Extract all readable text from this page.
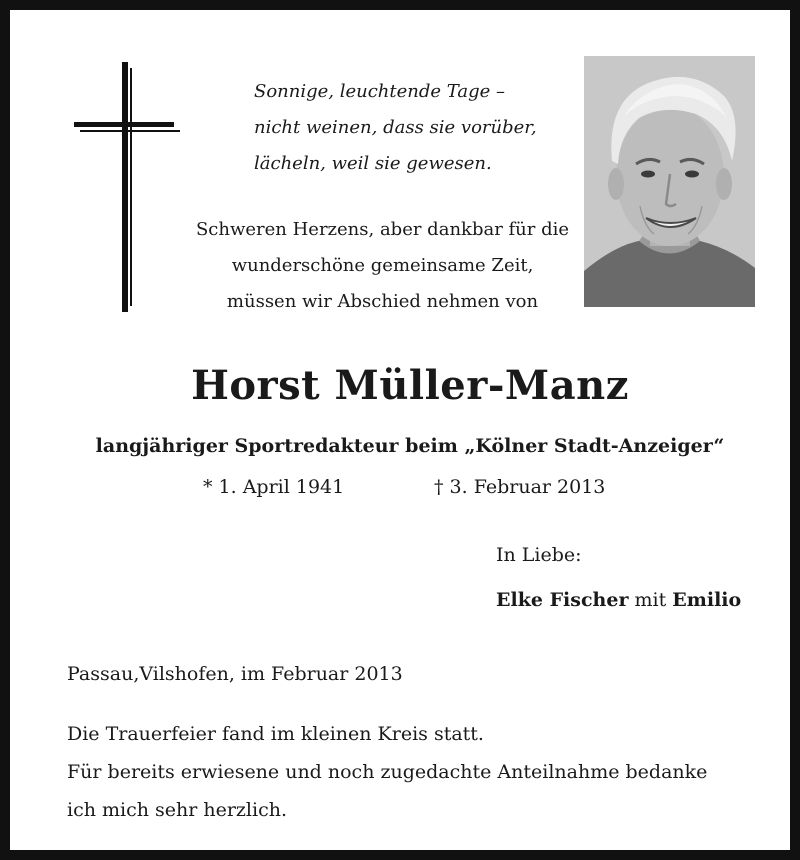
Sonnige, leuchtende Tage –
nicht weinen, dass sie vorüber,
lächeln, weil sie gewesen.
Schweren Herzens, aber dankbar für die
wunderschöne gemeinsame Zeit,
müssen wir Abschied nehmen von
Horst Müller-Manz
langjähriger Sportredakteur beim „Kölner Stadt-Anzeiger“
* 1. April 1941	† 3. Februar 2013
In Liebe:
Elke Fischer mit Emilio
Passau,Vilshofen, im Februar 2013
Die Trauerfeier fand im kleinen Kreis statt.
Für bereits erwiesene und noch zugedachte Anteilnahme bedanke
ich mich sehr herzlich.
